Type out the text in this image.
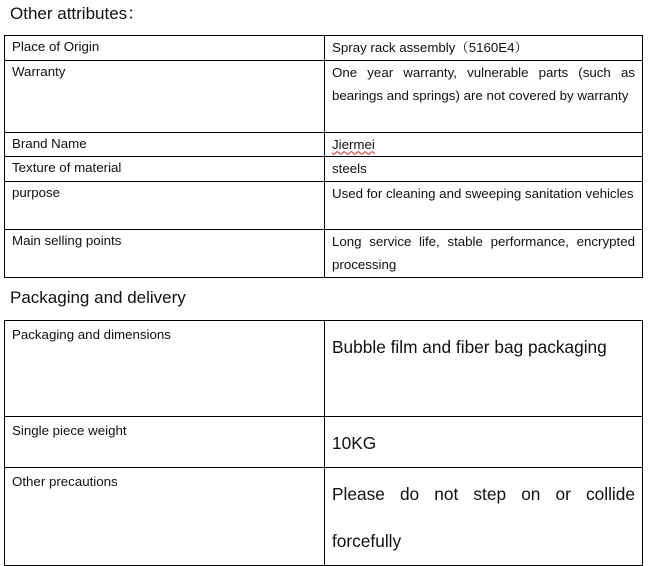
Other attributes：
Place of Origin	Spray rack assembly（5160E4）
Warranty	One year warranty, vulnerable parts (such as bearings and springs) are not covered by warranty
Brand Name	Jiermei
Texture of material	steels
purpose	Used for cleaning and sweeping sanitation vehicles
Main selling points	Long service life, stable performance, encrypted processing
Packaging and delivery
Packaging and dimensions	Bubble film and fiber bag packaging
Single piece weight	10KG
Other precautions	Please do not step on or collide forcefully
